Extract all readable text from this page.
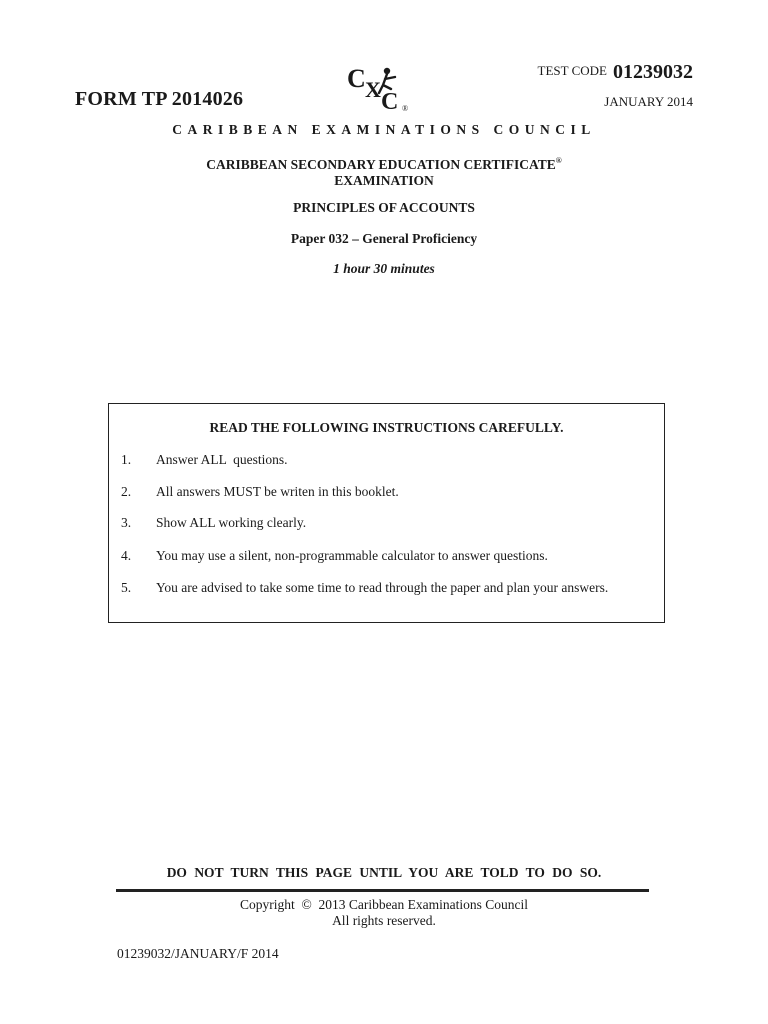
FORM TP 2014026
TEST CODE 01239032
JANUARY 2014
C X C ®
CARIBBEAN EXAMINATIONS COUNCIL
CARIBBEAN SECONDARY EDUCATION CERTIFICATE®
EXAMINATION
PRINCIPLES OF ACCOUNTS
Paper 032 – General Proficiency
1 hour 30 minutes
READ THE FOLLOWING INSTRUCTIONS CAREFULLY.
1. Answer ALL  questions.
2. All answers MUST be writen in this booklet.
3. Show ALL working clearly.
4. You may use a silent, non-programmable calculator to answer questions.
5. You are advised to take some time to read through the paper and plan your answers.
DO NOT TURN THIS PAGE UNTIL YOU ARE TOLD TO DO SO.
Copyright  ©  2013 Caribbean Examinations Council
All rights reserved.
01239032/JANUARY/F 2014
